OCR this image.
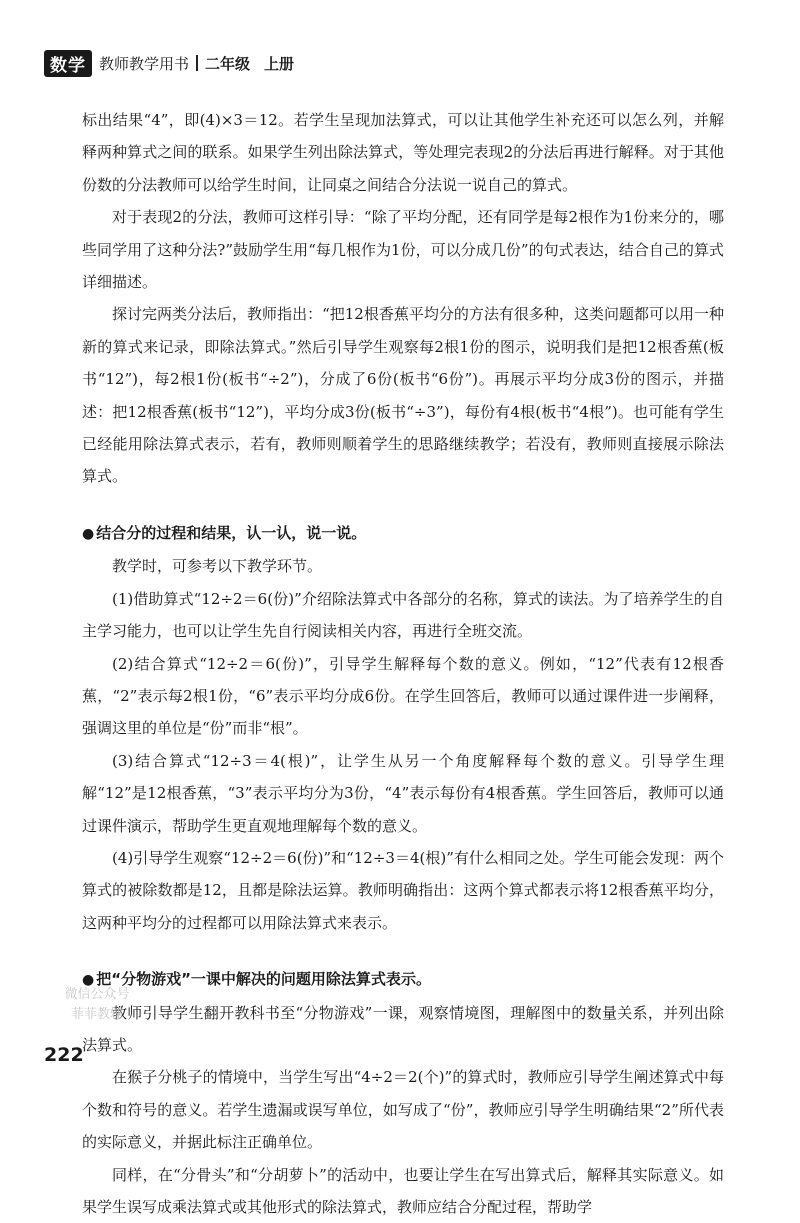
数学 教师教学用书 二年级 上册

标出结果“4”，即(4)×3＝12。若学生呈现加法算式，可以让其他学生补充还可以怎么列，并解释两种算式之间的联系。如果学生列出除法算式，等处理完表现2的分法后再进行解释。对于其他份数的分法教师可以给学生时间，让同桌之间结合分法说一说自己的算式。

对于表现2的分法，教师可这样引导：“除了平均分配，还有同学是每2根作为1份来分的，哪些同学用了这种分法?”鼓励学生用“每几根作为1份，可以分成几份”的句式表达，结合自己的算式详细描述。

探讨完两类分法后，教师指出：“把12根香蕉平均分的方法有很多种，这类问题都可以用一种新的算式来记录，即除法算式。”然后引导学生观察每2根1份的图示，说明我们是把12根香蕉(板书“12”)，每2根1份(板书“÷2”)，分成了6份(板书“6份”)。再展示平均分成3份的图示，并描述：把12根香蕉(板书“12”)，平均分成3份(板书“÷3”)，每份有4根(板书“4根”)。也可能有学生已经能用除法算式表示，若有，教师则顺着学生的思路继续教学；若没有，教师则直接展示除法算式。

● 结合分的过程和结果，认一认，说一说。

教学时，可参考以下教学环节。

(1)借助算式“12÷2＝6(份)”介绍除法算式中各部分的名称，算式的读法。为了培养学生的自主学习能力，也可以让学生先自行阅读相关内容，再进行全班交流。

(2)结合算式“12÷2＝6(份)”，引导学生解释每个数的意义。例如，“12”代表有12根香蕉，“2”表示每2根1份，“6”表示平均分成6份。在学生回答后，教师可以通过课件进一步阐释，强调这里的单位是“份”而非“根”。

(3)结合算式“12÷3＝4(根)”，让学生从另一个角度解释每个数的意义。引导学生理解“12”是12根香蕉，“3”表示平均分为3份，“4”表示每份有4根香蕉。学生回答后，教师可以通过课件演示，帮助学生更直观地理解每个数的意义。

(4)引导学生观察“12÷2＝6(份)”和“12÷3＝4(根)”有什么相同之处。学生可能会发现：两个算式的被除数都是12，且都是除法运算。教师明确指出：这两个算式都表示将12根香蕉平均分，这两种平均分的过程都可以用除法算式来表示。

● 把“分物游戏”一课中解决的问题用除法算式表示。

教师引导学生翻开教科书至“分物游戏”一课，观察情境图，理解图中的数量关系，并列出除法算式。

在猴子分桃子的情境中，当学生写出“4÷2＝2(个)”的算式时，教师应引导学生阐述算式中每个数和符号的意义。若学生遗漏或误写单位，如写成了“份”，教师应引导学生明确结果“2”所代表的实际意义，并据此标注正确单位。

同样，在“分骨头”和“分胡萝卜”的活动中，也要让学生在写出算式后，解释其实际意义。如果学生误写成乘法算式或其他形式的除法算式，教师应结合分配过程，帮助学

微信公众号
菲菲教辅
222
